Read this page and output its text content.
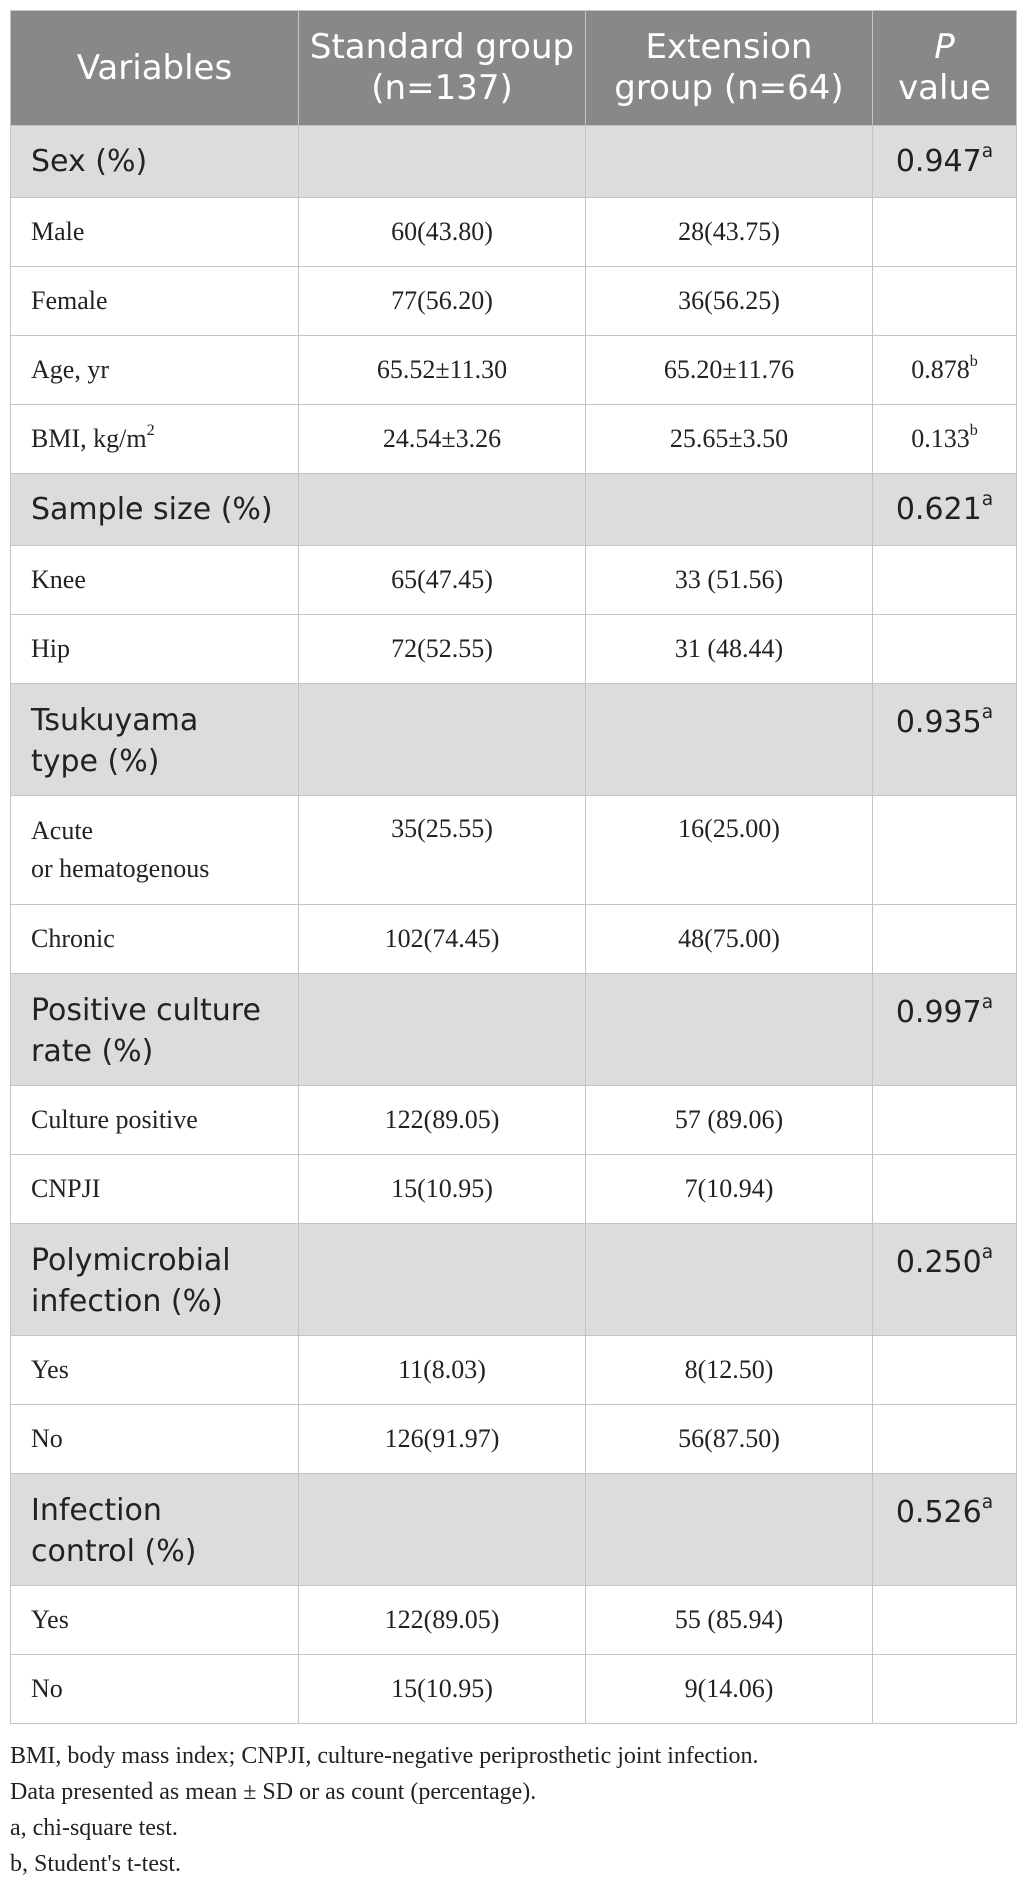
Variables	Standard group (n=137)	Extension group (n=64)	P
value
Sex (%)			0.947$^a$
Male	60(43.80)	28(43.75)	
Female	77(56.20)	36(56.25)	
Age, yr	65.52±11.30	65.20±11.76	0.878$^b$
BMI, $kg/m^2$	24.54±3.26	25.65±3.50	0.133$^b$
Sample size (%)			0.621$^a$
Knee	65(47.45)	33 (51.56)	
Hip	72(52.55)	31 (48.44)	
Tsukuyama
type (%)			0.935$^a$
Acute
or hematogenous	35(25.55)	16(25.00)	
Chronic	102(74.45)	48(75.00)	
Positive culture
rate (%)			0.997$^a$
Culture positive	122(89.05)	57 (89.06)	
CNPJI	15(10.95)	7(10.94)	
Polymicrobial
infection (%)			0.250$^a$
Yes	11(8.03)	8(12.50)	
No	126(91.97)	56(87.50)	
Infection
control (%)			0.526$^a$
Yes	122(89.05)	55 (85.94)	
No	15(10.95)	9(14.06)	
BMI, body mass index; CNPJI, culture-negative periprosthetic joint infection.
Data presented as mean ± SD or as count (percentage).
a, chi-square test.
b, Student's t-test.
